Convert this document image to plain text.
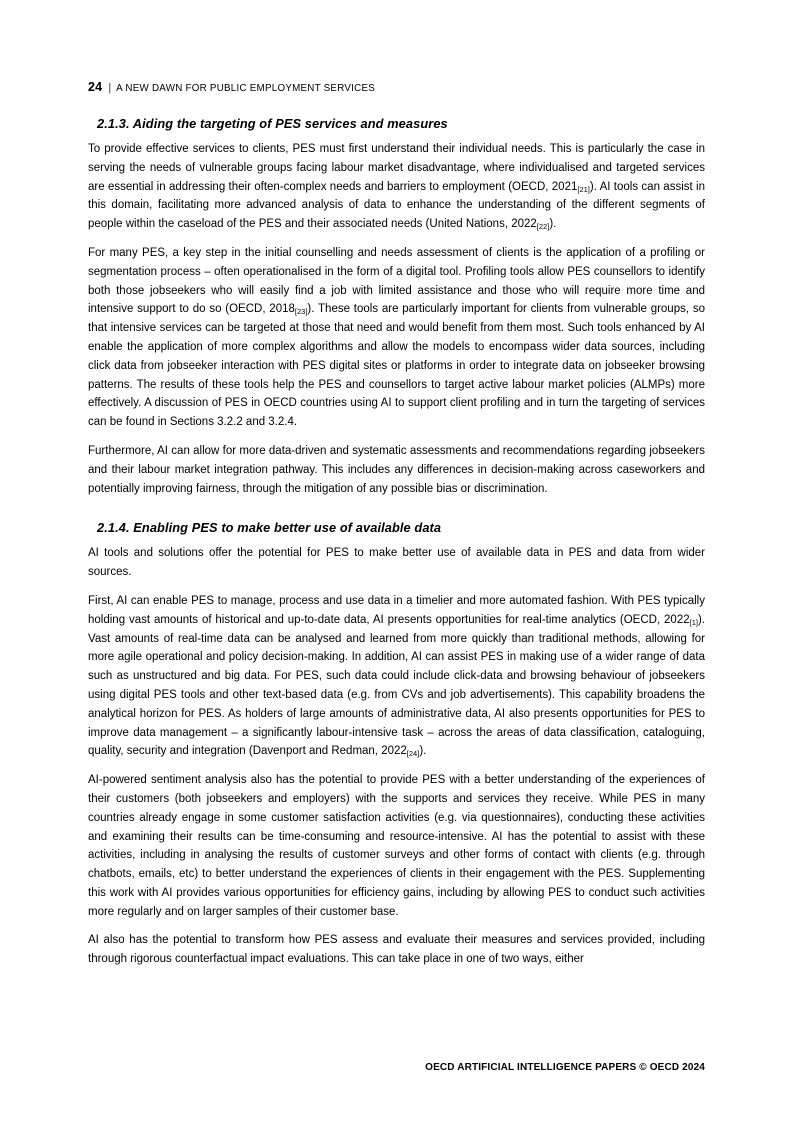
24 | A NEW DAWN FOR PUBLIC EMPLOYMENT SERVICES
2.1.3. Aiding the targeting of PES services and measures

To provide effective services to clients, PES must first understand their individual needs. This is particularly the case in serving the needs of vulnerable groups facing labour market disadvantage, where individualised and targeted services are essential in addressing their often-complex needs and barriers to employment (OECD, $2021_{[21]}$). AI tools can assist in this domain, facilitating more advanced analysis of data to enhance the understanding of the different segments of people within the caseload of the PES and their associated needs (United Nations, $2022_{[22]}$).

For many PES, a key step in the initial counselling and needs assessment of clients is the application of a profiling or segmentation process – often operationalised in the form of a digital tool. Profiling tools allow PES counsellors to identify both those jobseekers who will easily find a job with limited assistance and those who will require more time and intensive support to do so (OECD, $2018_{[23]}$). These tools are particularly important for clients from vulnerable groups, so that intensive services can be targeted at those that need and would benefit from them most. Such tools enhanced by AI enable the application of more complex algorithms and allow the models to encompass wider data sources, including click data from jobseeker interaction with PES digital sites or platforms in order to integrate data on jobseeker browsing patterns. The results of these tools help the PES and counsellors to target active labour market policies (ALMPs) more effectively. A discussion of PES in OECD countries using AI to support client profiling and in turn the targeting of services can be found in Sections 3.2.2 and 3.2.4.

Furthermore, AI can allow for more data-driven and systematic assessments and recommendations regarding jobseekers and their labour market integration pathway. This includes any differences in decision-making across caseworkers and potentially improving fairness, through the mitigation of any possible bias or discrimination.

2.1.4. Enabling PES to make better use of available data

AI tools and solutions offer the potential for PES to make better use of available data in PES and data from wider sources.

First, AI can enable PES to manage, process and use data in a timelier and more automated fashion. With PES typically holding vast amounts of historical and up-to-date data, AI presents opportunities for real-time analytics (OECD, $2022_{[1]}$). Vast amounts of real-time data can be analysed and learned from more quickly than traditional methods, allowing for more agile operational and policy decision-making. In addition, AI can assist PES in making use of a wider range of data such as unstructured and big data. For PES, such data could include click-data and browsing behaviour of jobseekers using digital PES tools and other text-based data (e.g. from CVs and job advertisements). This capability broadens the analytical horizon for PES. As holders of large amounts of administrative data, AI also presents opportunities for PES to improve data management – a significantly labour-intensive task – across the areas of data classification, cataloguing, quality, security and integration (Davenport and Redman, $2022_{[24]}$).

AI-powered sentiment analysis also has the potential to provide PES with a better understanding of the experiences of their customers (both jobseekers and employers) with the supports and services they receive. While PES in many countries already engage in some customer satisfaction activities (e.g. via questionnaires), conducting these activities and examining their results can be time-consuming and resource-intensive. AI has the potential to assist with these activities, including in analysing the results of customer surveys and other forms of contact with clients (e.g. through chatbots, emails, etc) to better understand the experiences of clients in their engagement with the PES. Supplementing this work with AI provides various opportunities for efficiency gains, including by allowing PES to conduct such activities more regularly and on larger samples of their customer base.

AI also has the potential to transform how PES assess and evaluate their measures and services provided, including through rigorous counterfactual impact evaluations. This can take place in one of two ways, either

OECD ARTIFICIAL INTELLIGENCE PAPERS © OECD 2024
